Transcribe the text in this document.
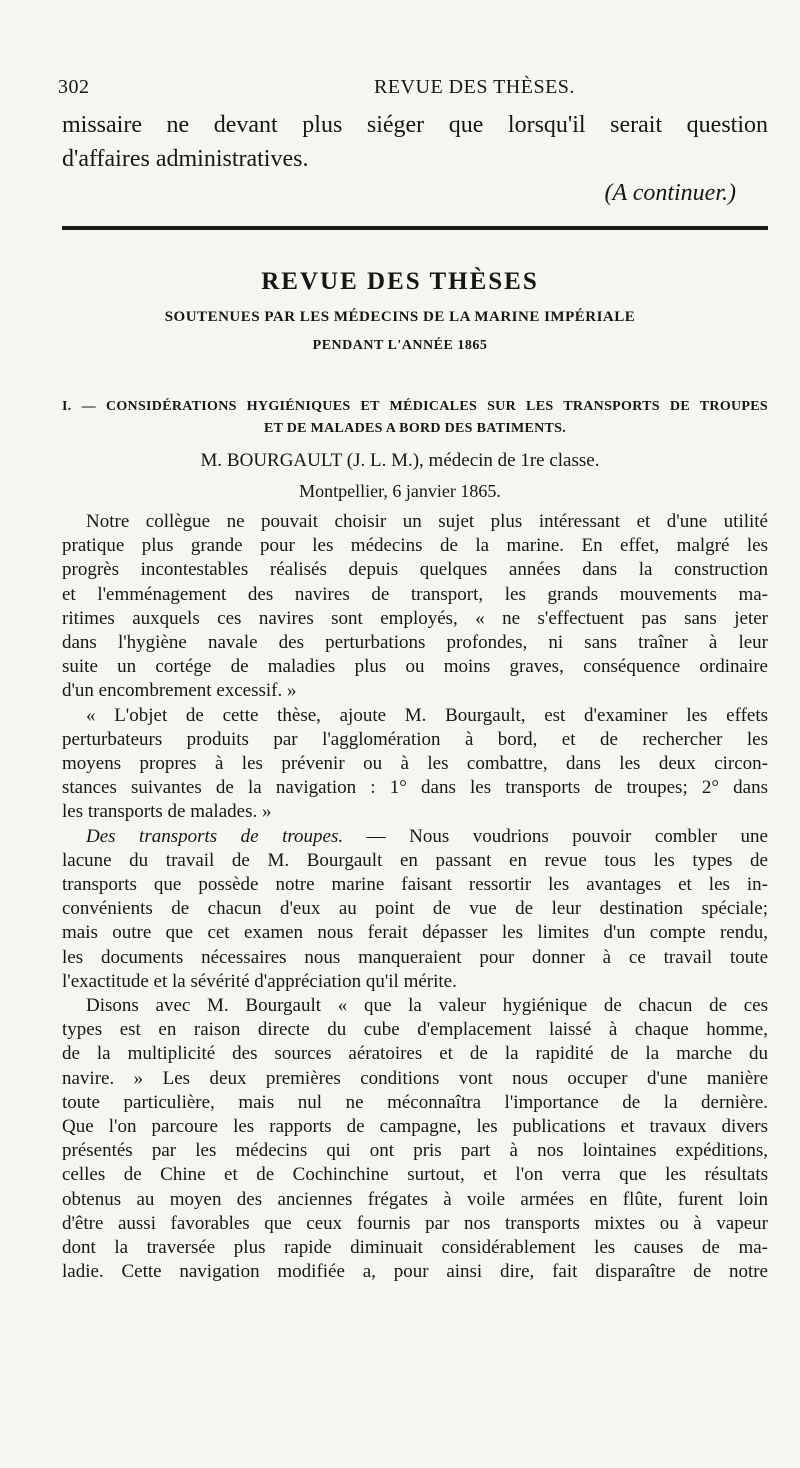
302	REVUE DES THÈSES.

missaire ne devant plus siéger que lorsqu'il serait question

d'affaires administratives.

(A continuer.)
REVUE DES THÈSES
SOUTENUES PAR LES MÉDECINS DE LA MARINE IMPÉRIALE
PENDANT L'ANNÉE 1865
I. — CONSIDÉRATIONS HYGIÉNIQUES ET MÉDICALES SUR LES TRANSPORTS DE TROUPES
ET DE MALADES A BORD DES BATIMENTS.
M. BOURGAULT (J. L. M.), médecin de 1re classe.
Montpellier, 6 janvier 1865.
Notre collègue ne pouvait choisir un sujet plus intéressant et d'une utilité
pratique plus grande pour les médecins de la marine. En effet, malgré les
progrès incontestables réalisés depuis quelques années dans la construction
et l'emménagement des navires de transport, les grands mouvements ma-
ritimes auxquels ces navires sont employés, « ne s'effectuent pas sans jeter
dans l'hygiène navale des perturbations profondes, ni sans traîner à leur
suite un cortége de maladies plus ou moins graves, conséquence ordinaire
d'un encombrement excessif. »
« L'objet de cette thèse, ajoute M. Bourgault, est d'examiner les effets
perturbateurs produits par l'agglomération à bord, et de rechercher les
moyens propres à les prévenir ou à les combattre, dans les deux circon-
stances suivantes de la navigation : 1° dans les transports de troupes; 2° dans
les transports de malades. »
Des transports de troupes. — Nous voudrions pouvoir combler une
lacune du travail de M. Bourgault en passant en revue tous les types de
transports que possède notre marine faisant ressortir les avantages et les in-
convénients de chacun d'eux au point de vue de leur destination spéciale;
mais outre que cet examen nous ferait dépasser les limites d'un compte rendu,
les documents nécessaires nous manqueraient pour donner à ce travail toute
l'exactitude et la sévérité d'appréciation qu'il mérite.
Disons avec M. Bourgault « que la valeur hygiénique de chacun de ces
types est en raison directe du cube d'emplacement laissé à chaque homme,
de la multiplicité des sources aératoires et de la rapidité de la marche du
navire. » Les deux premières conditions vont nous occuper d'une manière
toute particulière, mais nul ne méconnaîtra l'importance de la dernière.
Que l'on parcoure les rapports de campagne, les publications et travaux divers
présentés par les médecins qui ont pris part à nos lointaines expéditions,
celles de Chine et de Cochinchine surtout, et l'on verra que les résultats
obtenus au moyen des anciennes frégates à voile armées en flûte, furent loin
d'être aussi favorables que ceux fournis par nos transports mixtes ou à vapeur
dont la traversée plus rapide diminuait considérablement les causes de ma-
ladie. Cette navigation modifiée a, pour ainsi dire, fait disparaître de notre
